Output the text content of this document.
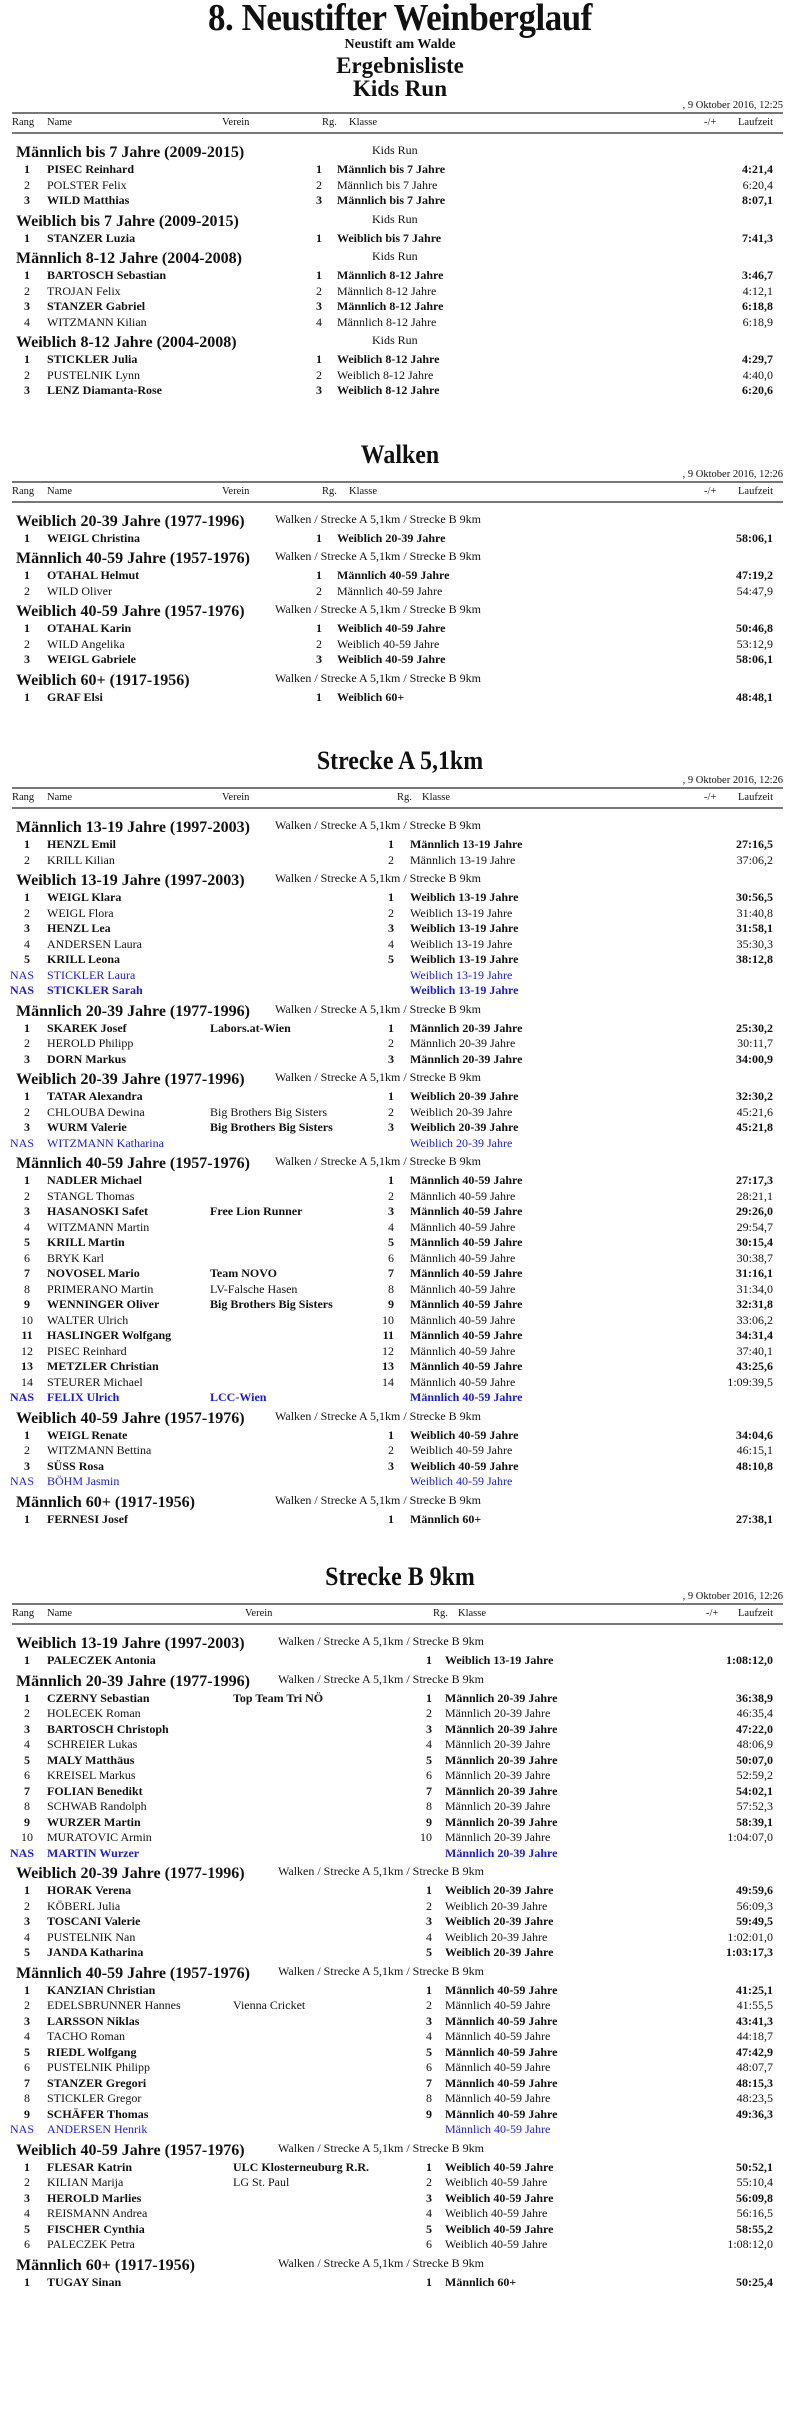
8. Neustifter Weinberglauf
Neustift am Walde
Ergebnisliste
Kids Run
, 9 Oktober 2016, 12:25
Rang Name	Verein	Rg. Klasse	-/+ Laufzeit
Männlich bis 7 Jahre (2009-2015)	Kids Run
1	PISEC Reinhard	1 Männlich bis 7 Jahre	4:21,4
2	POLSTER Felix	2 Männlich bis 7 Jahre	6:20,4
3	WILD Matthias	3 Männlich bis 7 Jahre	8:07,1
Weiblich bis 7 Jahre (2009-2015)	Kids Run
1	STANZER Luzia	1 Weiblich bis 7 Jahre	7:41,3
Männlich 8-12 Jahre (2004-2008)	Kids Run
1	BARTOSCH Sebastian	1 Männlich 8-12 Jahre	3:46,7
2	TROJAN Felix	2 Männlich 8-12 Jahre	4:12,1
3	STANZER Gabriel	3 Männlich 8-12 Jahre	6:18,8
4	WITZMANN Kilian	4 Männlich 8-12 Jahre	6:18,9
Weiblich 8-12 Jahre (2004-2008)	Kids Run
1	STICKLER Julia	1 Weiblich 8-12 Jahre	4:29,7
2	PUSTELNIK Lynn	2 Weiblich 8-12 Jahre	4:40,0
3	LENZ Diamanta-Rose	3 Weiblich 8-12 Jahre	6:20,6
Walken
, 9 Oktober 2016, 12:26
Rang Name	Verein	Rg. Klasse	-/+ Laufzeit
Weiblich 20-39 Jahre (1977-1996)	Walken / Strecke A 5,1km / Strecke B 9km
1	WEIGL Christina	1 Weiblich 20-39 Jahre	58:06,1
Männlich 40-59 Jahre (1957-1976) Walken / Strecke A 5,1km / Strecke B 9km
1	OTAHAL Helmut	1 Männlich 40-59 Jahre	47:19,2
2	WILD Oliver	2 Männlich 40-59 Jahre	54:47,9
Weiblich 40-59 Jahre (1957-1976)	Walken / Strecke A 5,1km / Strecke B 9km
1	OTAHAL Karin	1 Weiblich 40-59 Jahre	50:46,8
2	WILD Angelika	2 Weiblich 40-59 Jahre	53:12,9
3	WEIGL Gabriele	3 Weiblich 40-59 Jahre	58:06,1
Weiblich 60+ (1917-1956)	Walken / Strecke A 5,1km / Strecke B 9km
1	GRAF Elsi	1 Weiblich 60+	48:48,1
Strecke A 5,1km
, 9 Oktober 2016, 12:26
Rang Name	Verein	Rg. Klasse	-/+ Laufzeit
Männlich 13-19 Jahre (1997-2003) Walken / Strecke A 5,1km / Strecke B 9km
1	HENZL Emil	1 Männlich 13-19 Jahre	27:16,5
2	KRILL Kilian	2 Männlich 13-19 Jahre	37:06,2
Weiblich 13-19 Jahre (1997-2003)	Walken / Strecke A 5,1km / Strecke B 9km
1	WEIGL Klara	1 Weiblich 13-19 Jahre	30:56,5
2	WEIGL Flora	2 Weiblich 13-19 Jahre	31:40,8
3	HENZL Lea	3 Weiblich 13-19 Jahre	31:58,1
4	ANDERSEN Laura	4 Weiblich 13-19 Jahre	35:30,3
5	KRILL Leona	5 Weiblich 13-19 Jahre	38:12,8
NAS STICKLER Laura	Weiblich 13-19 Jahre
NAS STICKLER Sarah	Weiblich 13-19 Jahre
Männlich 20-39 Jahre (1977-1996) Walken / Strecke A 5,1km / Strecke B 9km
1	SKAREK Josef	Labors.at-Wien	1 Männlich 20-39 Jahre	25:30,2
2	HEROLD Philipp	2 Männlich 20-39 Jahre	30:11,7
3	DORN Markus	3 Männlich 20-39 Jahre	34:00,9
Weiblich 20-39 Jahre (1977-1996)	Walken / Strecke A 5,1km / Strecke B 9km
1	TATAR Alexandra	1 Weiblich 20-39 Jahre	32:30,2
2	CHLOUBA Dewina	Big Brothers Big Sisters	2 Weiblich 20-39 Jahre	45:21,6
3	WURM Valerie	Big Brothers Big Sisters	3 Weiblich 20-39 Jahre	45:21,8
NAS WITZMANN Katharina	Weiblich 20-39 Jahre
Männlich 40-59 Jahre (1957-1976) Walken / Strecke A 5,1km / Strecke B 9km
1	NADLER Michael	1 Männlich 40-59 Jahre	27:17,3
2	STANGL Thomas	2 Männlich 40-59 Jahre	28:21,1
3	HASANOSKI Safet	Free Lion Runner	3 Männlich 40-59 Jahre	29:26,0
4	WITZMANN Martin	4 Männlich 40-59 Jahre	29:54,7
5	KRILL Martin	5 Männlich 40-59 Jahre	30:15,4
6	BRYK Karl	6 Männlich 40-59 Jahre	30:38,7
7	NOVOSEL Mario	Team NOVO	7 Männlich 40-59 Jahre	31:16,1
8	PRIMERANO Martin	LV-Falsche Hasen	8 Männlich 40-59 Jahre	31:34,0
9	WENNINGER Oliver	Big Brothers Big Sisters	9 Männlich 40-59 Jahre	32:31,8
10	WALTER Ulrich	10 Männlich 40-59 Jahre	33:06,2
11	HASLINGER Wolfgang	11 Männlich 40-59 Jahre	34:31,4
12	PISEC Reinhard	12 Männlich 40-59 Jahre	37:40,1
13	METZLER Christian	13 Männlich 40-59 Jahre	43:25,6
14	STEURER Michael	14 Männlich 40-59 Jahre	1:09:39,5
NAS FELIX Ulrich	LCC-Wien	Männlich 40-59 Jahre
Weiblich 40-59 Jahre (1957-1976)	Walken / Strecke A 5,1km / Strecke B 9km
1	WEIGL Renate	1 Weiblich 40-59 Jahre	34:04,6
2	WITZMANN Bettina	2 Weiblich 40-59 Jahre	46:15,1
3	SÜSS Rosa	3 Weiblich 40-59 Jahre	48:10,8
NAS BÖHM Jasmin	Weiblich 40-59 Jahre
Männlich 60+ (1917-1956)	Walken / Strecke A 5,1km / Strecke B 9km
1	FERNESI Josef	1 Männlich 60+	27:38,1
Strecke B 9km
, 9 Oktober 2016, 12:26
Rang Name	Verein	Rg. Klasse	-/+ Laufzeit
Weiblich 13-19 Jahre (1997-2003)	Walken / Strecke A 5,1km / Strecke B 9km
1	PALECZEK Antonia	1 Weiblich 13-19 Jahre	1:08:12,0
Männlich 20-39 Jahre (1977-1996) Walken / Strecke A 5,1km / Strecke B 9km
1	CZERNY Sebastian	Top Team Tri NÖ	1 Männlich 20-39 Jahre	36:38,9
2	HOLECEK Roman	2 Männlich 20-39 Jahre	46:35,4
3	BARTOSCH Christoph	3 Männlich 20-39 Jahre	47:22,0
4	SCHREIER Lukas	4 Männlich 20-39 Jahre	48:06,9
5	MALY Matthäus	5 Männlich 20-39 Jahre	50:07,0
6	KREISEL Markus	6 Männlich 20-39 Jahre	52:59,2
7	FOLIAN Benedikt	7 Männlich 20-39 Jahre	54:02,1
8	SCHWAB Randolph	8 Männlich 20-39 Jahre	57:52,3
9	WURZER Martin	9 Männlich 20-39 Jahre	58:39,1
10	MURATOVIC Armin	10 Männlich 20-39 Jahre	1:04:07,0
NAS MARTIN Wurzer	Männlich 20-39 Jahre
Weiblich 20-39 Jahre (1977-1996)	Walken / Strecke A 5,1km / Strecke B 9km
1	HORAK Verena	1 Weiblich 20-39 Jahre	49:59,6
2	KÖBERL Julia	2 Weiblich 20-39 Jahre	56:09,3
3	TOSCANI Valerie	3 Weiblich 20-39 Jahre	59:49,5
4	PUSTELNIK Nan	4 Weiblich 20-39 Jahre	1:02:01,0
5	JANDA Katharina	5 Weiblich 20-39 Jahre	1:03:17,3
Männlich 40-59 Jahre (1957-1976) Walken / Strecke A 5,1km / Strecke B 9km
1	KANZIAN Christian	1 Männlich 40-59 Jahre	41:25,1
2	EDELSBRUNNER Hannes	Vienna Cricket	2 Männlich 40-59 Jahre	41:55,5
3	LARSSON Niklas	3 Männlich 40-59 Jahre	43:41,3
4	TACHO Roman	4 Männlich 40-59 Jahre	44:18,7
5	RIEDL Wolfgang	5 Männlich 40-59 Jahre	47:42,9
6	PUSTELNIK Philipp	6 Männlich 40-59 Jahre	48:07,7
7	STANZER Gregori	7 Männlich 40-59 Jahre	48:15,3
8	STICKLER Gregor	8 Männlich 40-59 Jahre	48:23,5
9	SCHÄFER Thomas	9 Männlich 40-59 Jahre	49:36,3
NAS ANDERSEN Henrik	Männlich 40-59 Jahre
Weiblich 40-59 Jahre (1957-1976)	Walken / Strecke A 5,1km / Strecke B 9km
1	FLESAR Katrin	ULC Klosterneuburg R.R.	1 Weiblich 40-59 Jahre	50:52,1
2	KILIAN Marija	LG St. Paul	2 Weiblich 40-59 Jahre	55:10,4
3	HEROLD Marlies	3 Weiblich 40-59 Jahre	56:09,8
4	REISMANN Andrea	4 Weiblich 40-59 Jahre	56:16,5
5	FISCHER Cynthia	5 Weiblich 40-59 Jahre	58:55,2
6	PALECZEK Petra	6 Weiblich 40-59 Jahre	1:08:12,0
Männlich 60+ (1917-1956)	Walken / Strecke A 5,1km / Strecke B 9km
1	TUGAY Sinan	1 Männlich 60+	50:25,4
